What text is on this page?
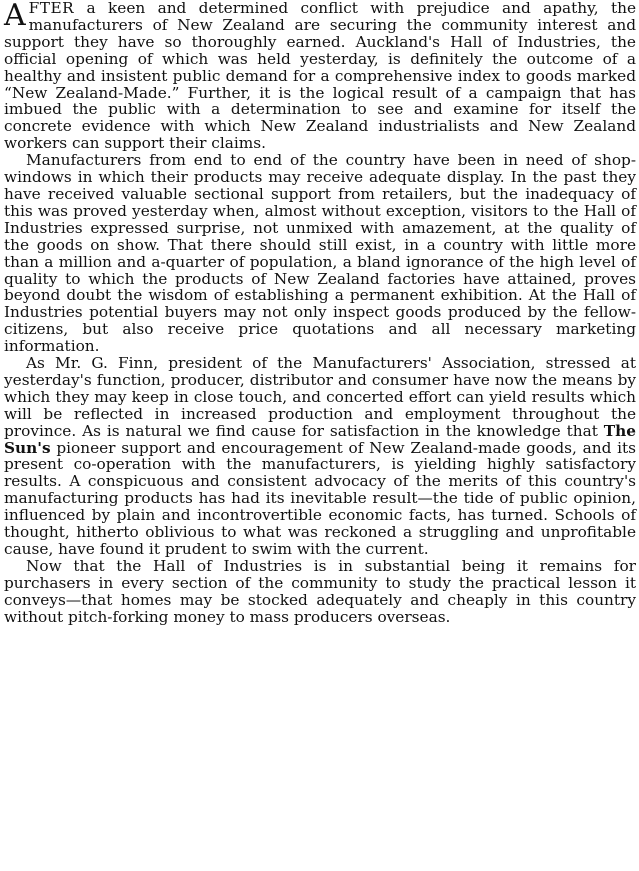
AFTER a keen and determined conflict with prejudice and apathy, the manufacturers of New Zealand are securing the community interest and support they have so thoroughly earned. Auckland's Hall of Industries, the official opening of which was held yesterday, is definitely the outcome of a healthy and insistent public demand for a comprehensive index to goods marked “New Zealand-Made.” Further, it is the logical result of a campaign that has imbued the public with a determination to see and examine for itself the concrete evidence with which New Zealand industrialists and New Zealand workers can support their claims.

Manufacturers from end to end of the country have been in need of shop-windows in which their products may receive adequate display. In the past they have received valuable sectional support from retailers, but the inadequacy of this was proved yesterday when, almost without exception, visitors to the Hall of Industries expressed surprise, not unmixed with amazement, at the quality of the goods on show. That there should still exist, in a country with little more than a million and a-quarter of population, a bland ignorance of the high level of quality to which the products of New Zealand factories have attained, proves beyond doubt the wisdom of establishing a permanent exhibition. At the Hall of Industries potential buyers may not only inspect goods produced by the fellow-citizens, but also receive price quotations and all necessary marketing information.

As Mr. G. Finn, president of the Manufacturers' Association, stressed at yesterday's function, producer, distributor and consumer have now the means by which they may keep in close touch, and concerted effort can yield results which will be reflected in increased production and employment throughout the province. As is natural we find cause for satisfaction in the knowledge that The Sun's pioneer support and encouragement of New Zealand-made goods, and its present co-operation with the manufacturers, is yielding highly satisfactory results. A conspicuous and consistent advocacy of the merits of this country's manufacturing products has had its inevitable result—the tide of public opinion, influenced by plain and incontrovertible economic facts, has turned. Schools of thought, hitherto oblivious to what was reckoned a struggling and unprofitable cause, have found it prudent to swim with the current.

Now that the Hall of Industries is in substantial being it remains for purchasers in every section of the community to study the practical lesson it conveys—that homes may be stocked adequately and cheaply in this country without pitch-forking money to mass producers overseas.
